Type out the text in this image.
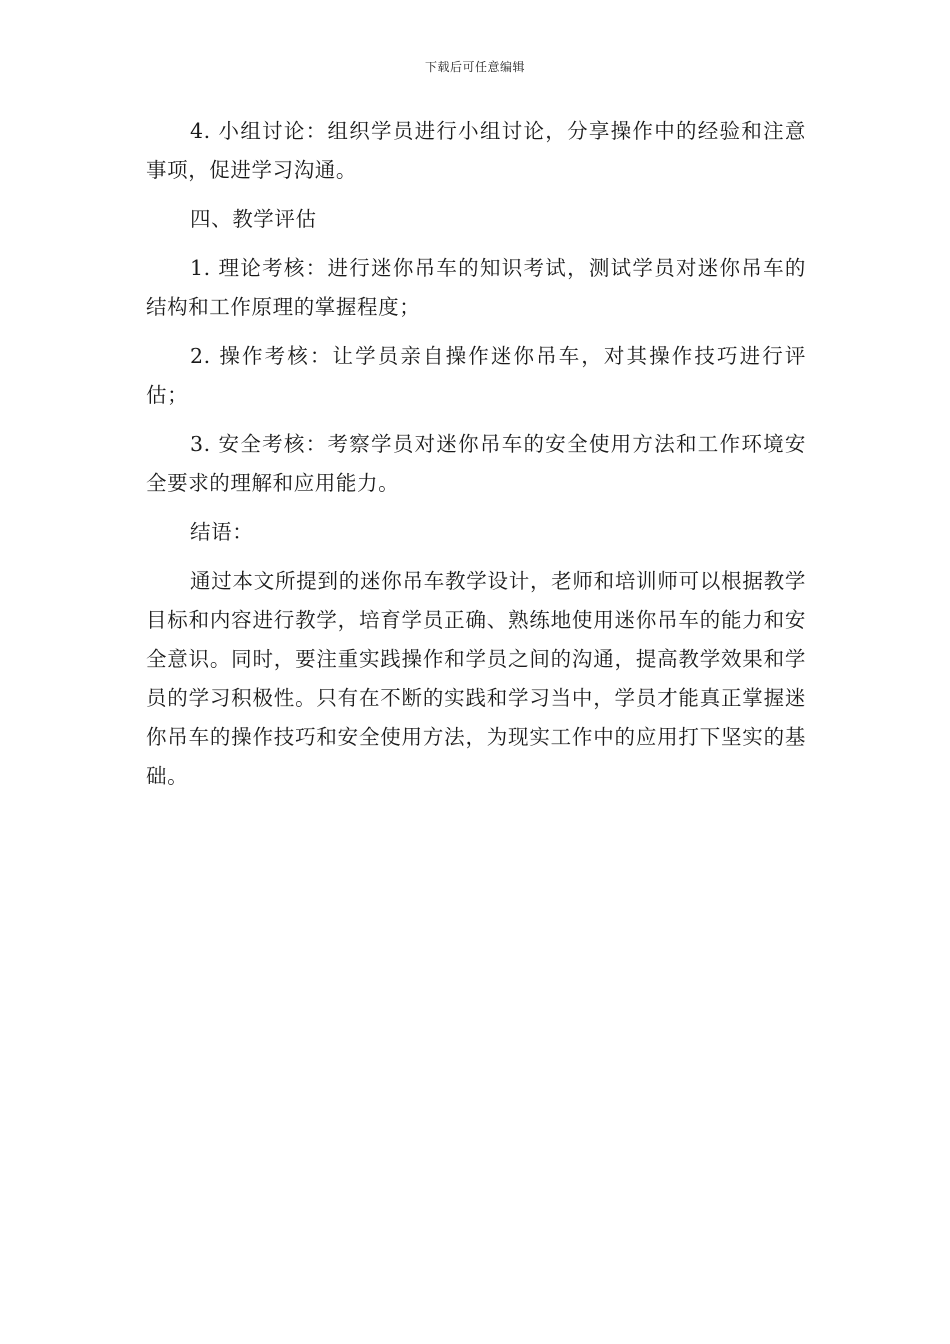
下载后可任意编辑

4. 小组讨论：组织学员进行小组讨论，分享操作中的经验和注意事项，促进学习沟通。

四、教学评估

1. 理论考核：进行迷你吊车的知识考试，测试学员对迷你吊车的结构和工作原理的掌握程度；

2. 操作考核：让学员亲自操作迷你吊车，对其操作技巧进行评估；

3. 安全考核：考察学员对迷你吊车的安全使用方法和工作环境安全要求的理解和应用能力。

结语：

通过本文所提到的迷你吊车教学设计，老师和培训师可以根据教学目标和内容进行教学，培育学员正确、熟练地使用迷你吊车的能力和安全意识。同时，要注重实践操作和学员之间的沟通，提高教学效果和学员的学习积极性。只有在不断的实践和学习当中，学员才能真正掌握迷你吊车的操作技巧和安全使用方法，为现实工作中的应用打下坚实的基础。
